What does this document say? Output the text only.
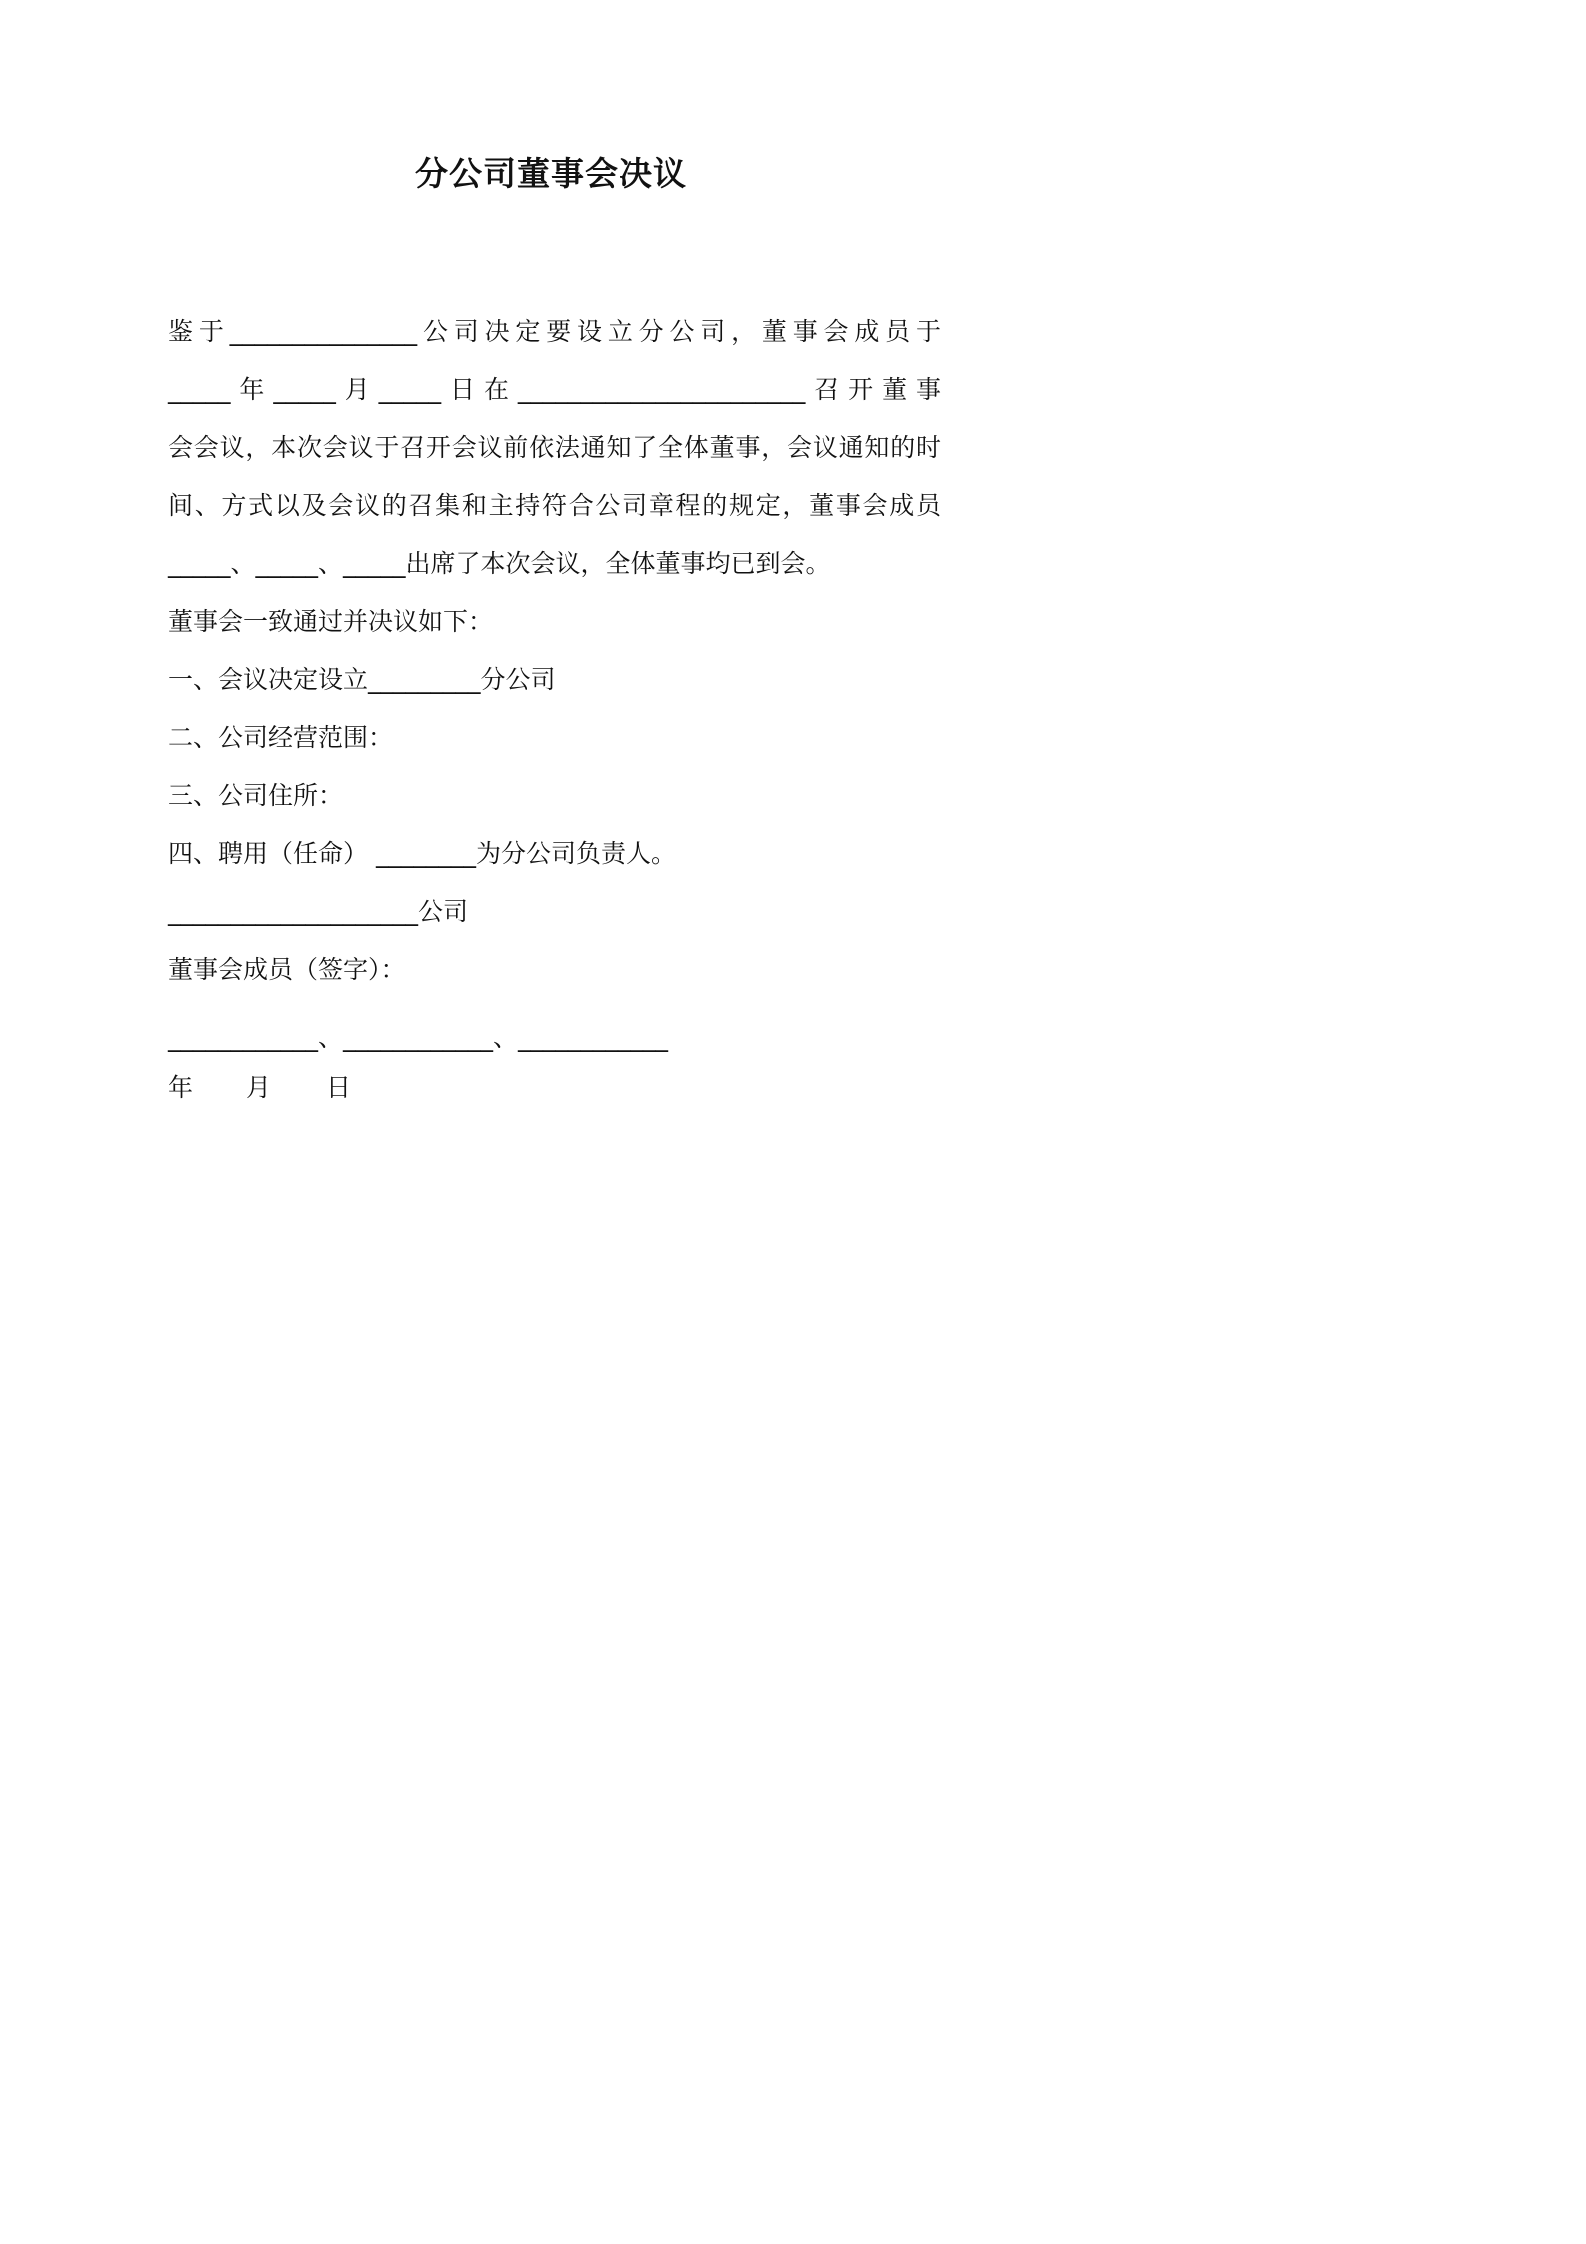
分公司董事会决议
鉴于_______________公司决定要设立分公司，董事会成员于
_____年_____月_____日在_______________________召开董事
会会议，本次会议于召开会议前依法通知了全体董事，会议通知的时
间、方式以及会议的召集和主持符合公司章程的规定，董事会成员
_____、_____、_____出席了本次会议，全体董事均已到会。
董事会一致通过并决议如下：
一、会议决定设立_________分公司
二、公司经营范围：
三、公司住所：
四、聘用（任命） ________为分公司负责人。
____________________公司
董事会成员（签字）：
____________、____________、____________
年 月 日
